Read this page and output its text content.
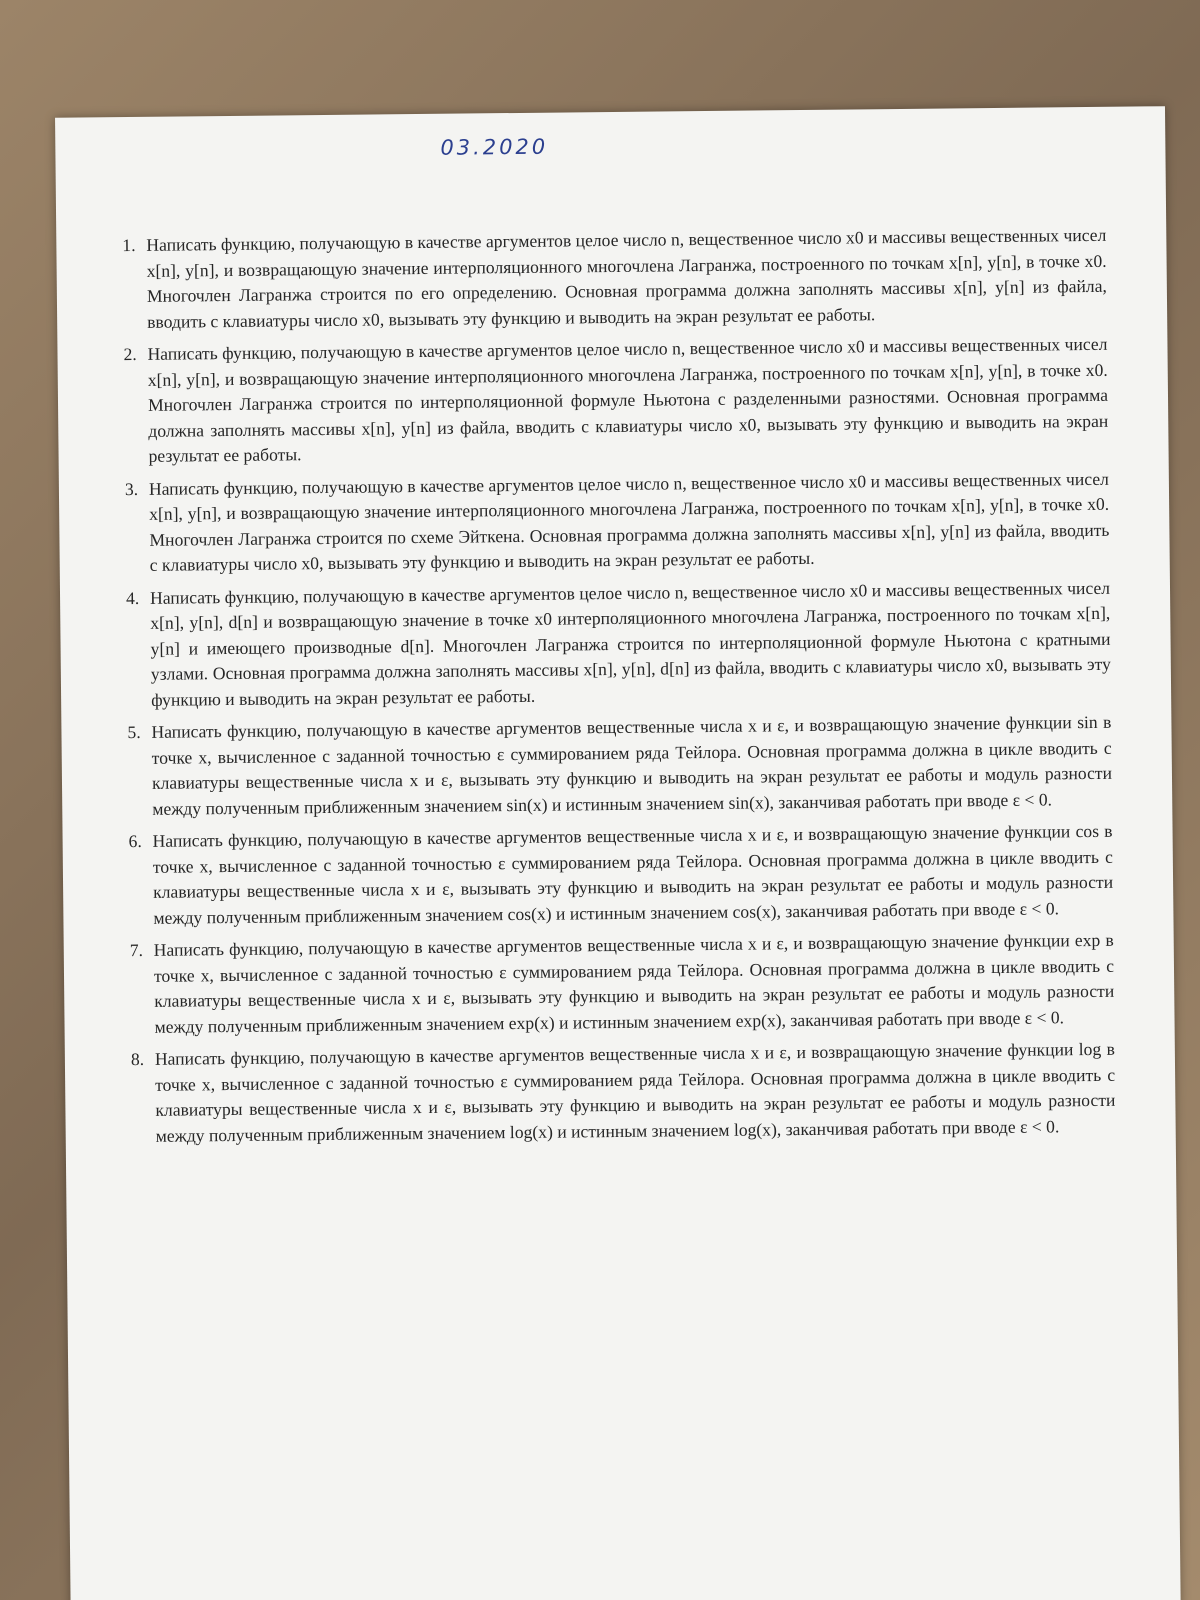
03.2020
1. Написать функцию, получающую в качестве аргументов целое число n, вещественное число x0 и массивы вещественных чисел x[n], y[n], и возвращающую значение интерполяционного многочлена Лагранжа, построенного по точкам x[n], y[n], в точке x0. Многочлен Лагранжа строится по его определению. Основная программа должна заполнять массивы x[n], y[n] из файла, вводить с клавиатуры число x0, вызывать эту функцию и выводить на экран результат ее работы.
2. Написать функцию, получающую в качестве аргументов целое число n, вещественное число x0 и массивы вещественных чисел x[n], y[n], и возвращающую значение интерполяционного многочлена Лагранжа, построенного по точкам x[n], y[n], в точке x0. Многочлен Лагранжа строится по интерполяционной формуле Ньютона с разделенными разностями. Основная программа должна заполнять массивы x[n], y[n] из файла, вводить с клавиатуры число x0, вызывать эту функцию и выводить на экран результат ее работы.
3. Написать функцию, получающую в качестве аргументов целое число n, вещественное число x0 и массивы вещественных чисел x[n], y[n], и возвращающую значение интерполяционного многочлена Лагранжа, построенного по точкам x[n], y[n], в точке x0. Многочлен Лагранжа строится по схеме Эйткена. Основная программа должна заполнять массивы x[n], y[n] из файла, вводить с клавиатуры число x0, вызывать эту функцию и выводить на экран результат ее работы.
4. Написать функцию, получающую в качестве аргументов целое число n, вещественное число x0 и массивы вещественных чисел x[n], y[n], d[n] и возвращающую значение в точке x0 интерполяционного многочлена Лагранжа, построенного по точкам x[n], y[n] и имеющего производные d[n]. Многочлен Лагранжа строится по интерполяционной формуле Ньютона с кратными узлами. Основная программа должна заполнять массивы x[n], y[n], d[n] из файла, вводить с клавиатуры число x0, вызывать эту функцию и выводить на экран результат ее работы.
5. Написать функцию, получающую в качестве аргументов вещественные числа x и ε, и возвращающую значение функции sin в точке x, вычисленное с заданной точностью ε суммированием ряда Тейлора. Основная программа должна в цикле вводить с клавиатуры вещественные числа x и ε, вызывать эту функцию и выводить на экран результат ее работы и модуль разности между полученным приближенным значением sin(x) и истинным значением sin(x), заканчивая работать при вводе ε < 0.
6. Написать функцию, получающую в качестве аргументов вещественные числа x и ε, и возвращающую значение функции cos в точке x, вычисленное с заданной точностью ε суммированием ряда Тейлора. Основная программа должна в цикле вводить с клавиатуры вещественные числа x и ε, вызывать эту функцию и выводить на экран результат ее работы и модуль разности между полученным приближенным значением cos(x) и истинным значением cos(x), заканчивая работать при вводе ε < 0.
7. Написать функцию, получающую в качестве аргументов вещественные числа x и ε, и возвращающую значение функции exp в точке x, вычисленное с заданной точностью ε суммированием ряда Тейлора. Основная программа должна в цикле вводить с клавиатуры вещественные числа x и ε, вызывать эту функцию и выводить на экран результат ее работы и модуль разности между полученным приближенным значением exp(x) и истинным значением exp(x), заканчивая работать при вводе ε < 0.
8. Написать функцию, получающую в качестве аргументов вещественные числа x и ε, и возвращающую значение функции log в точке x, вычисленное с заданной точностью ε суммированием ряда Тейлора. Основная программа должна в цикле вводить с клавиатуры вещественные числа x и ε, вызывать эту функцию и выводить на экран результат ее работы и модуль разности между полученным приближенным значением log(x) и истинным значением log(x), заканчивая работать при вводе ε < 0.
